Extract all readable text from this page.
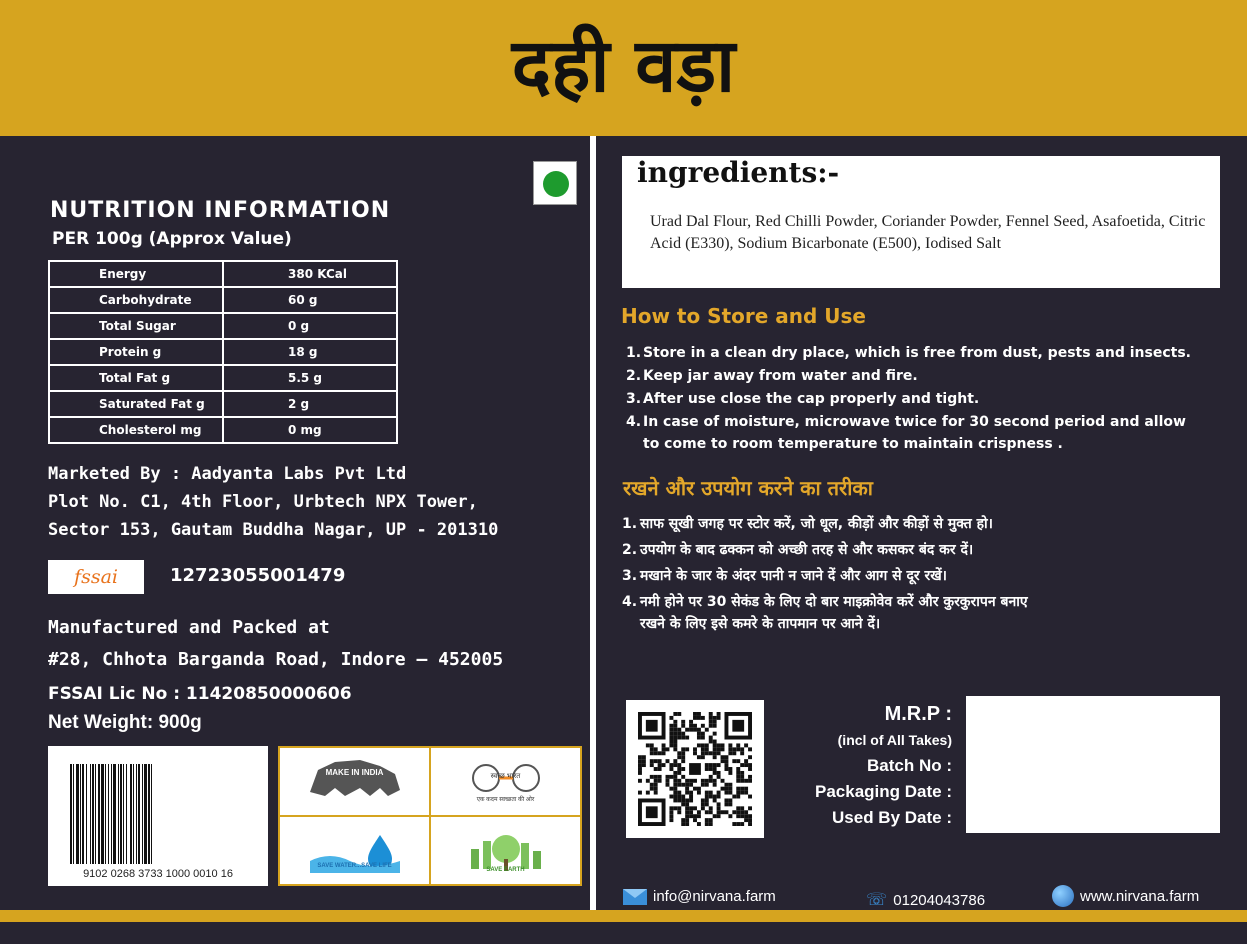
दही वड़ा
NUTRITION INFORMATION
PER 100g (Approx Value)
Energy	380 KCal
Carbohydrate	60 g
Total Sugar	0 g
Protein g	18 g
Total Fat g	5.5 g
Saturated Fat g	2 g
Cholesterol mg	0 mg
Marketed By : Aadyanta Labs Pvt Ltd
Plot No. C1, 4th Floor, Urbtech NPX Tower,
Sector 153, Gautam Buddha Nagar, UP - 201310
fssai	12723055001479
Manufactured and Packed at
#28, Chhota Barganda Road, Indore – 452005
FSSAI Lic No : 11420850000606
Net Weight: 900g
9102 0268 3733 1000 0010 16
MAKE IN INDIA	स्वच्छ भारत
एक कदम स्वच्छता की ओर
SAVE WATER...SAVE LIFE
SAVE EARTH
ingredients:-
Urad Dal Flour, Red Chilli Powder, Coriander Powder, Fennel Seed, Asafoetida, Citric Acid (E330), Sodium Bicarbonate (E500), Iodised Salt
How to Store and Use
1. Store in a clean dry place, which is free from dust, pests and insects.
2. Keep jar away from water and fire.
3. After use close the cap properly and tight.
4. In case of moisture, microwave twice for 30 second period and allow
to come to room temperature to maintain crispness .
रखने और उपयोग करने का तरीका
1. साफ सूखी जगह पर स्टोर करें, जो धूल, कीड़ों और कीड़ों से मुक्त हो।
2. उपयोग के बाद ढक्कन को अच्छी तरह से और कसकर बंद कर दें।
3. मखाने के जार के अंदर पानी न जाने दें और आग से दूर रखें।
4. नमी होने पर 30 सेकंड के लिए दो बार माइक्रोवेव करें और कुरकुरापन बनाए
रखने के लिए इसे कमरे के तापमान पर आने दें।
M.R.P :
(incl of All Takes)
Batch No :
Packaging Date :
Used By Date :
info@nirvana.farm	☏ 01204043786	www.nirvana.farm
